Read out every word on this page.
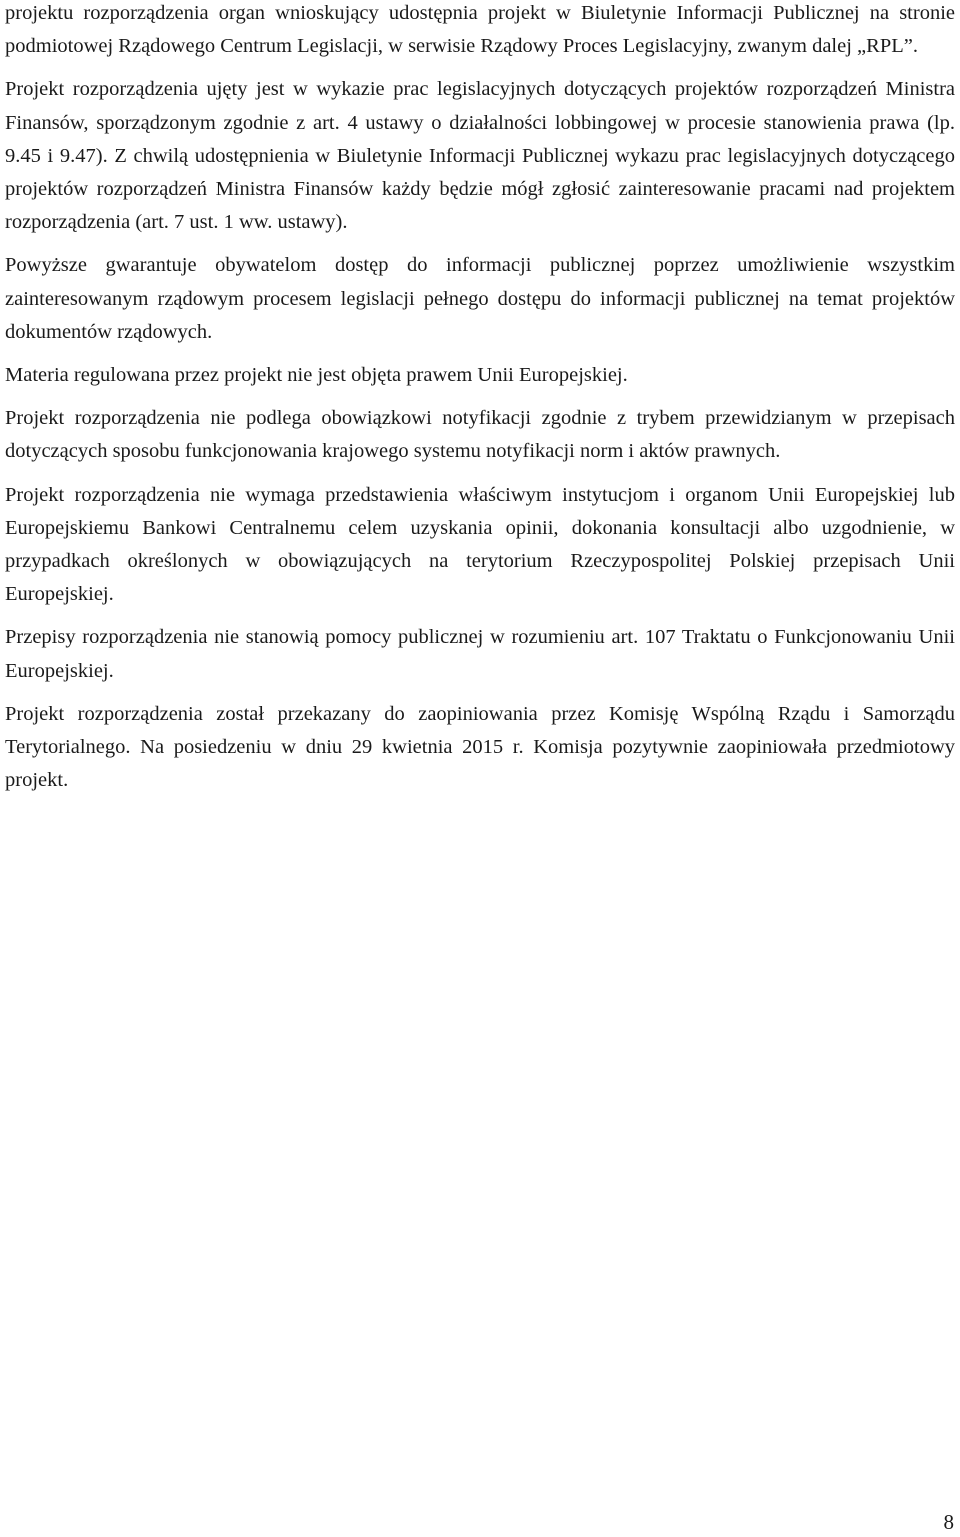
projektu rozporządzenia organ wnioskujący udostępnia projekt w Biuletynie Informacji Publicznej na stronie podmiotowej Rządowego Centrum Legislacji, w serwisie Rządowy Proces Legislacyjny, zwanym dalej „RPL”.

Projekt rozporządzenia ujęty jest w wykazie prac legislacyjnych dotyczących projektów rozporządzeń Ministra Finansów, sporządzonym zgodnie z art. 4 ustawy o działalności lobbingowej w procesie stanowienia prawa (lp. 9.45 i 9.47). Z chwilą udostępnienia w Biuletynie Informacji Publicznej wykazu prac legislacyjnych dotyczącego projektów rozporządzeń Ministra Finansów każdy będzie mógł zgłosić zainteresowanie pracami nad projektem rozporządzenia (art. 7 ust. 1 ww. ustawy).

Powyższe gwarantuje obywatelom dostęp do informacji publicznej poprzez umożliwienie wszystkim zainteresowanym rządowym procesem legislacji pełnego dostępu do informacji publicznej na temat projektów dokumentów rządowych.

Materia regulowana przez projekt nie jest objęta prawem Unii Europejskiej.

Projekt rozporządzenia nie podlega obowiązkowi notyfikacji zgodnie z trybem przewidzianym w przepisach dotyczących sposobu funkcjonowania krajowego systemu notyfikacji norm i aktów prawnych.

Projekt rozporządzenia nie wymaga przedstawienia właściwym instytucjom i organom Unii Europejskiej lub Europejskiemu Bankowi Centralnemu celem uzyskania opinii, dokonania konsultacji albo uzgodnienie, w przypadkach określonych w obowiązujących na terytorium Rzeczypospolitej Polskiej przepisach Unii Europejskiej.

Przepisy rozporządzenia nie stanowią pomocy publicznej w rozumieniu art. 107 Traktatu o Funkcjonowaniu Unii Europejskiej.

Projekt rozporządzenia został przekazany do zaopiniowania przez Komisję Wspólną Rządu i Samorządu Terytorialnego. Na posiedzeniu w dniu 29 kwietnia 2015 r. Komisja pozytywnie zaopiniowała przedmiotowy projekt.

8
